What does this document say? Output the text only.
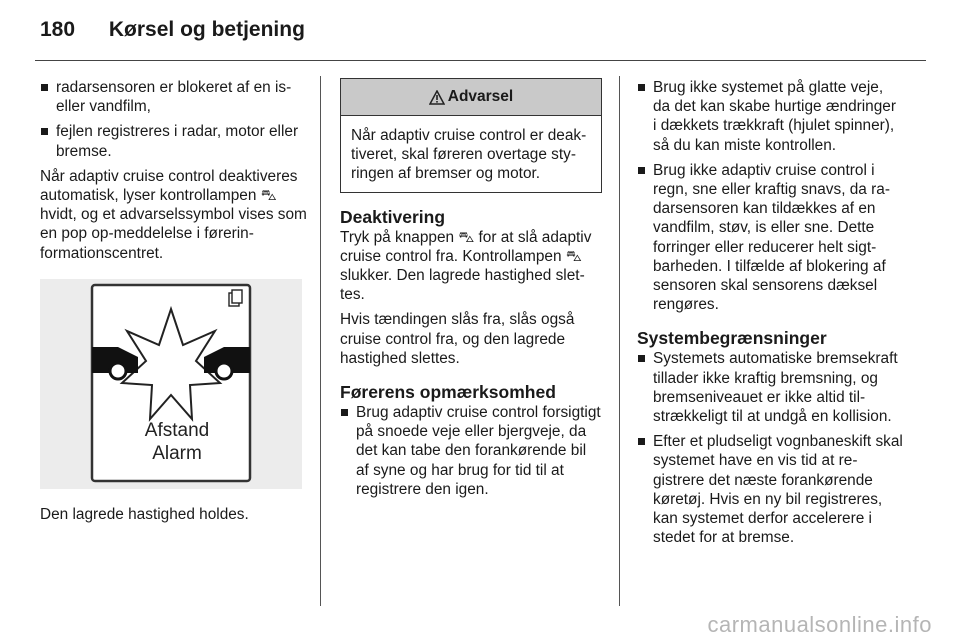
180 Kørsel og betjening
radarsensoren er blokeret af en is- eller vandfilm,
fejlen registreres i radar, motor eller bremse.

Når adaptiv cruise control deaktiveres automatisk, lyser kontrollampen ⛍ hvidt, og et advarselssymbol vises som en pop op-meddelelse i førerinformationscentret.

Afstand
Alarm

Den lagrede hastighed holdes.

Advarsel
Når adaptiv cruise control er deaktiveret, skal føreren overtage styringen af bremser og motor.
Deaktivering

Tryk på knappen ⛍ for at slå adaptiv cruise control fra. Kontrollampen ⛍ slukker. Den lagrede hastighed slettes.

Hvis tændingen slås fra, slås også cruise control fra, og den lagrede hastighed slettes.

Førerens opmærksomhed
Brug adaptiv cruise control forsigtigt på snoede veje eller bjergveje, da det kan tabe den forankørende bil af syne og har brug for tid til at registrere den igen.
Brug ikke systemet på glatte veje, da det kan skabe hurtige ændringer i dækkets trækkraft (hjulet spinner), så du kan miste kontrollen.
Brug ikke adaptiv cruise control i regn, sne eller kraftig snavs, da radarsensoren kan tildækkes af en vandfilm, støv, is eller sne. Dette forringer eller reducerer helt sigtbarheden. I tilfælde af blokering af sensoren skal sensorens dæksel rengøres.
Systembegrænsninger
Systemets automatiske bremsekraft tillader ikke kraftig bremsning, og bremseniveauet er ikke altid tilstrækkeligt til at undgå en kollision.
Efter et pludseligt vognbaneskift skal systemet have en vis tid at registrere det næste forankørende køretøj. Hvis en ny bil registreres, kan systemet derfor accelerere i stedet for at bremse.
carmanualsonline.info
